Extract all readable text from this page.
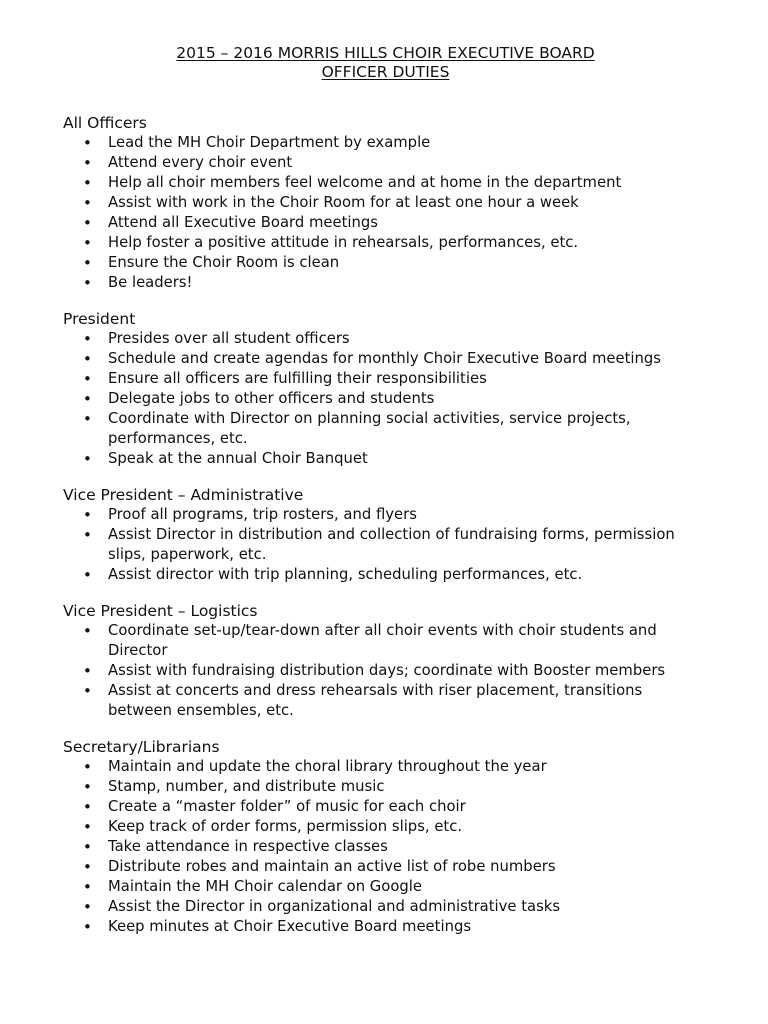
2015 – 2016 MORRIS HILLS CHOIR EXECUTIVE BOARD
OFFICER DUTIES
All Officers
• Lead the MH Choir Department by example
• Attend every choir event
• Help all choir members feel welcome and at home in the department
• Assist with work in the Choir Room for at least one hour a week
• Attend all Executive Board meetings
• Help foster a positive attitude in rehearsals, performances, etc.
• Ensure the Choir Room is clean
• Be leaders!
President
• Presides over all student officers
• Schedule and create agendas for monthly Choir Executive Board meetings
• Ensure all officers are fulfilling their responsibilities
• Delegate jobs to other officers and students
• Coordinate with Director on planning social activities, service projects, performances, etc.
• Speak at the annual Choir Banquet
Vice President – Administrative
• Proof all programs, trip rosters, and flyers
• Assist Director in distribution and collection of fundraising forms, permission slips, paperwork, etc.
• Assist director with trip planning, scheduling performances, etc.
Vice President – Logistics
• Coordinate set-up/tear-down after all choir events with choir students and Director
• Assist with fundraising distribution days; coordinate with Booster members
• Assist at concerts and dress rehearsals with riser placement, transitions between ensembles, etc.
Secretary/Librarians
• Maintain and update the choral library throughout the year
• Stamp, number, and distribute music
• Create a “master folder” of music for each choir
• Keep track of order forms, permission slips, etc.
• Take attendance in respective classes
• Distribute robes and maintain an active list of robe numbers
• Maintain the MH Choir calendar on Google
• Assist the Director in organizational and administrative tasks
• Keep minutes at Choir Executive Board meetings
